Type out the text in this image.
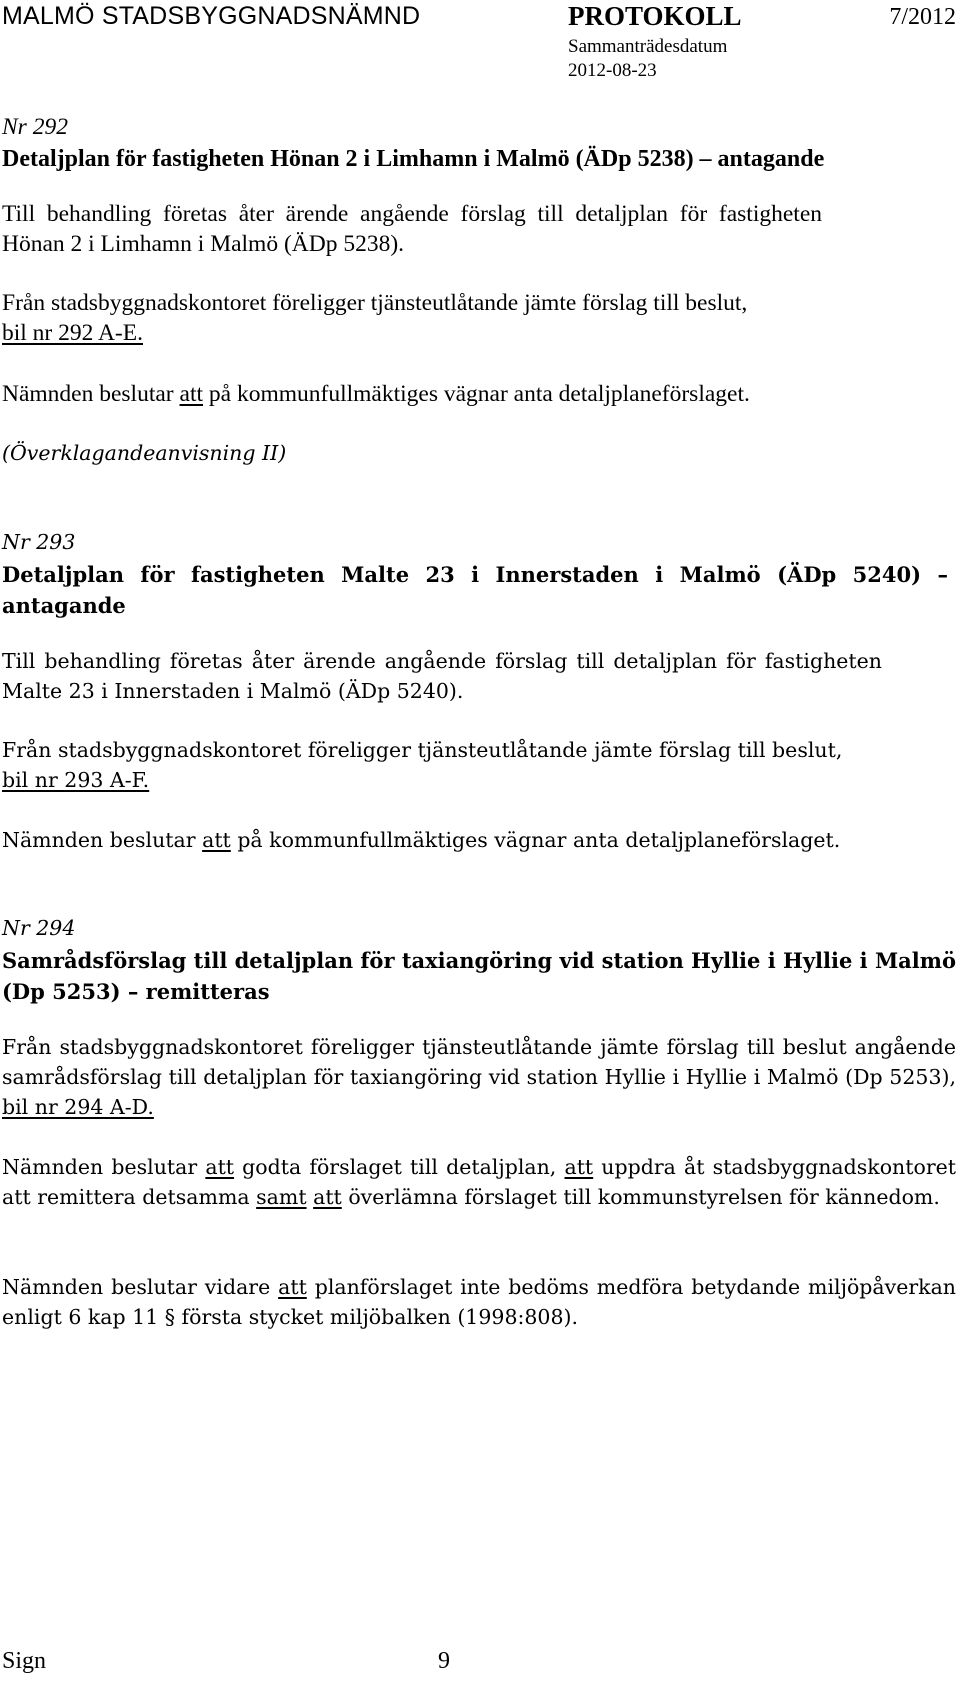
MALMÖ STADSBYGGNADSNÄMND	PROTOKOLL	7/2012
Sammanträdesdatum
2012-08-23
Nr 292
Detaljplan för fastigheten Hönan 2 i Limhamn i Malmö (ÄDp 5238) – antagande
Till behandling företas åter ärende angående förslag till detaljplan för fastigheten Hönan 2 i Limhamn i Malmö (ÄDp 5238).
Från stadsbyggnadskontoret föreligger tjänsteutlåtande jämte förslag till beslut,
bil nr 292 A-E.
Nämnden beslutar att på kommunfullmäktiges vägnar anta detaljplaneförslaget.
(Överklagandeanvisning II)
Nr 293
Detaljplan för fastigheten Malte 23 i Innerstaden i Malmö (ÄDp 5240) – antagande
Till behandling företas åter ärende angående förslag till detaljplan för fastigheten Malte 23 i Innerstaden i Malmö (ÄDp 5240).
Från stadsbyggnadskontoret föreligger tjänsteutlåtande jämte förslag till beslut,
bil nr 293 A-F.
Nämnden beslutar att på kommunfullmäktiges vägnar anta detaljplaneförslaget.
Nr 294
Samrådsförslag till detaljplan för taxiangöring vid station Hyllie i Hyllie i Malmö (Dp 5253) – remitteras
Från stadsbyggnadskontoret föreligger tjänsteutlåtande jämte förslag till beslut angående samrådsförslag till detaljplan för taxiangöring vid station Hyllie i Hyllie i Malmö (Dp 5253), bil nr 294 A-D.
Nämnden beslutar att godta förslaget till detaljplan, att uppdra åt stadsbyggnadskontoret att remittera detsamma samt att överlämna förslaget till kommunstyrelsen för kännedom.
Nämnden beslutar vidare att planförslaget inte bedöms medföra betydande miljöpåverkan enligt 6 kap 11 § första stycket miljöbalken (1998:808).
Sign	9
